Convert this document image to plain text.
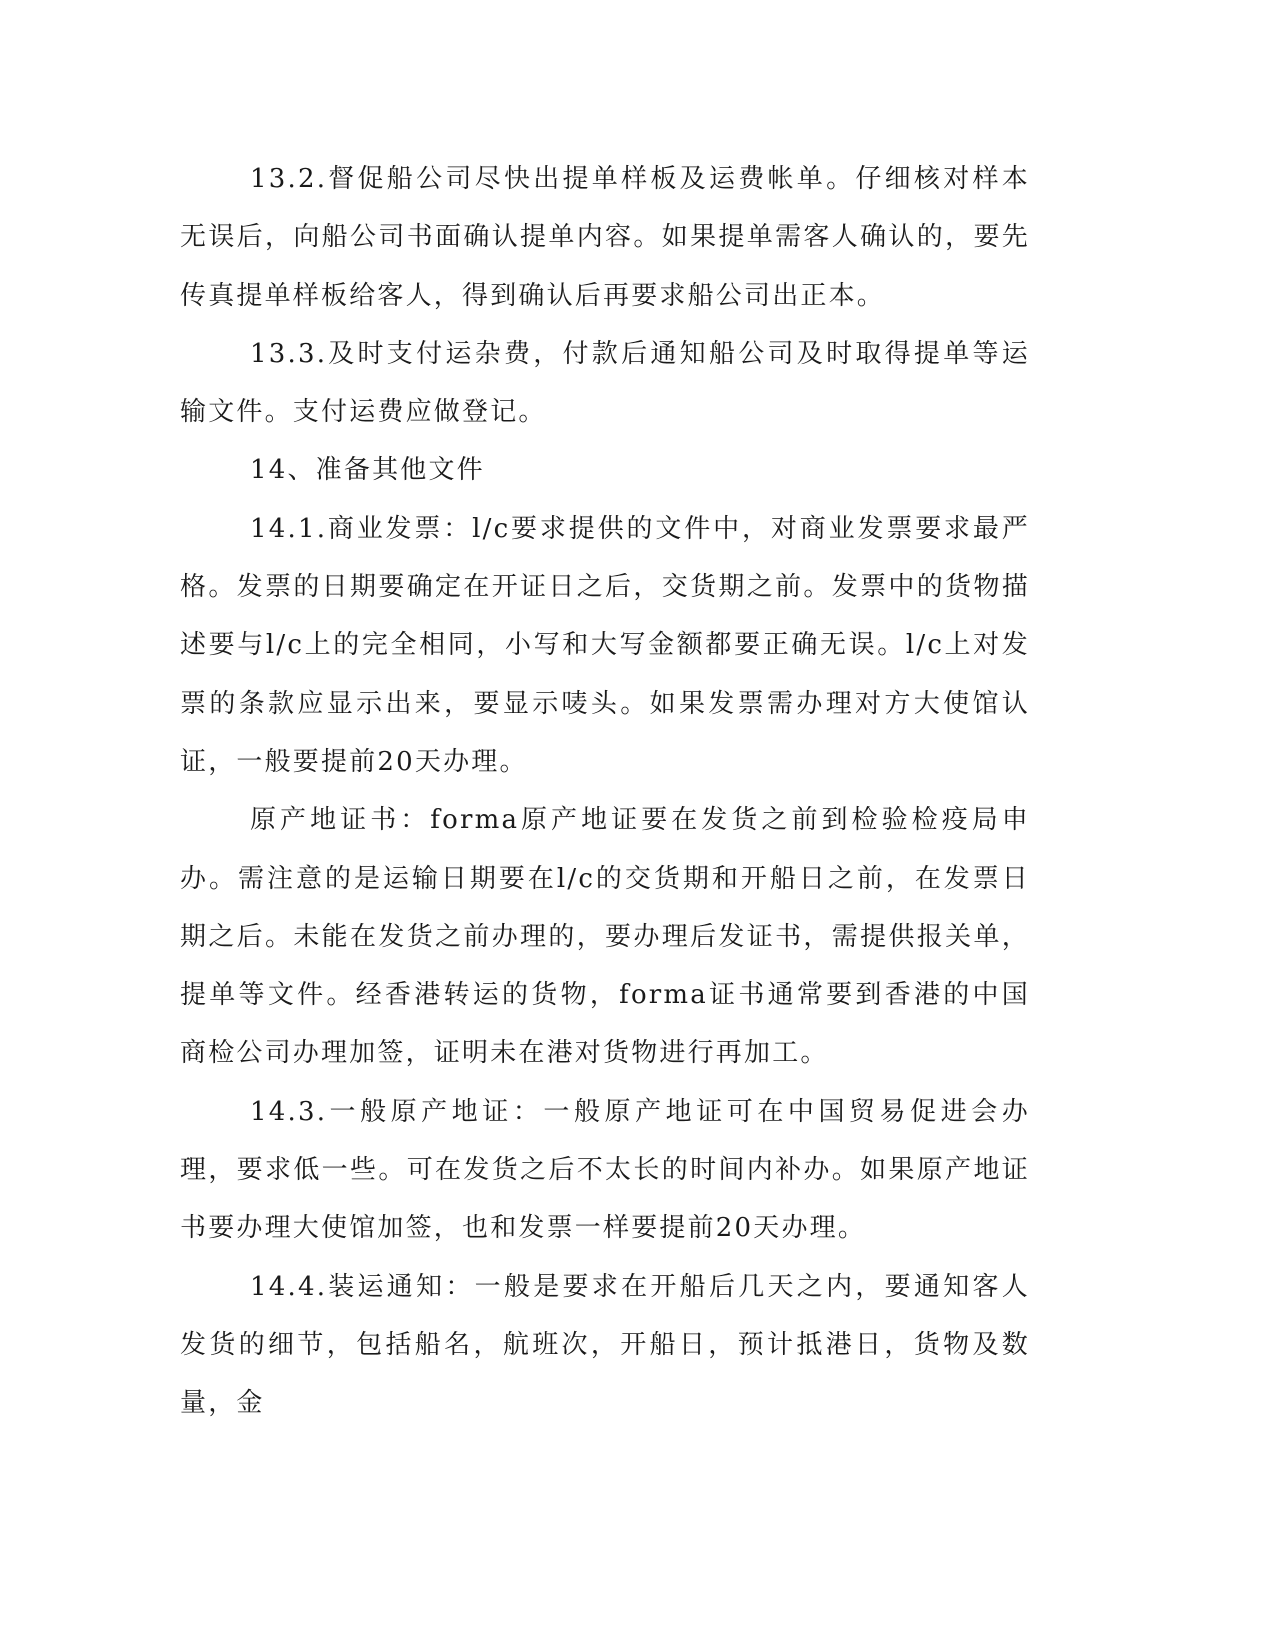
13.2.督促船公司尽快出提单样板及运费帐单。仔细核对样本无误后，向船公司书面确认提单内容。如果提单需客人确认的，要先传真提单样板给客人，得到确认后再要求船公司出正本。

13.3.及时支付运杂费，付款后通知船公司及时取得提单等运输文件。支付运费应做登记。

14、准备其他文件

14.1.商业发票：l/c要求提供的文件中，对商业发票要求最严格。发票的日期要确定在开证日之后，交货期之前。发票中的货物描述要与l/c上的完全相同，小写和大写金额都要正确无误。l/c上对发票的条款应显示出来，要显示唛头。如果发票需办理对方大使馆认证，一般要提前20天办理。

原产地证书：forma原产地证要在发货之前到检验检疫局申办。需注意的是运输日期要在l/c的交货期和开船日之前，在发票日期之后。未能在发货之前办理的，要办理后发证书，需提供报关单，提单等文件。经香港转运的货物，forma证书通常要到香港的中国商检公司办理加签，证明未在港对货物进行再加工。

14.3.一般原产地证：一般原产地证可在中国贸易促进会办理，要求低一些。可在发货之后不太长的时间内补办。如果原产地证书要办理大使馆加签，也和发票一样要提前20天办理。

14.4.装运通知：一般是要求在开船后几天之内，要通知客人发货的细节，包括船名，航班次，开船日，预计抵港日，货物及数量，金
